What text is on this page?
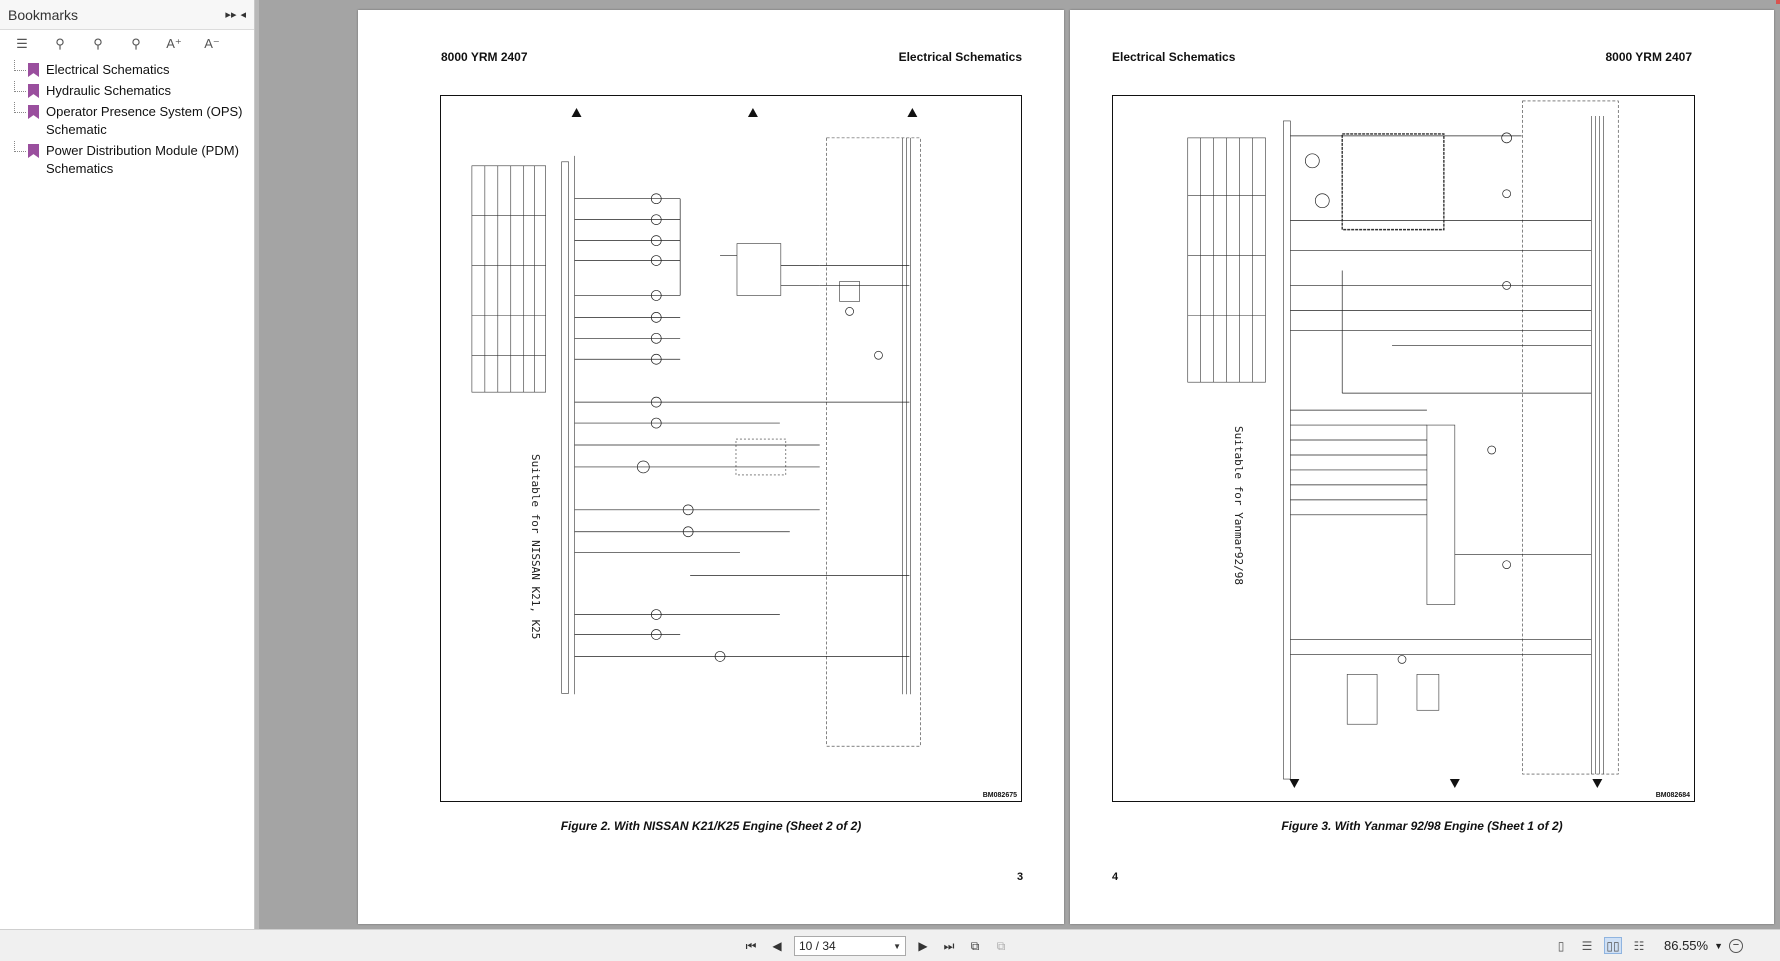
Bookmarks	▸▸ ◂
☰	⚲	⚲	⚲	A⁺ A⁻
Electrical Schematics
Hydraulic Schematics
Operator Presence System (OPS) Schematic
Power Distribution Module (PDM) Schematics
8000 YRM 2407	Electrical Schematics
Suitable for NISSAN K21, K25
BM082675
Figure 2. With NISSAN K21/K25 Engine (Sheet 2 of 2)
3
Electrical Schematics	8000 YRM 2407
Suitable for Yanmar92/98
BM082684
Figure 3. With Yanmar 92/98 Engine (Sheet 1 of 2)
4
⏮	◀	10 / 34	▼	▶	⏭	⧉	⧉	▯	☰	▯▯	☷ 86.55% ▼ −
